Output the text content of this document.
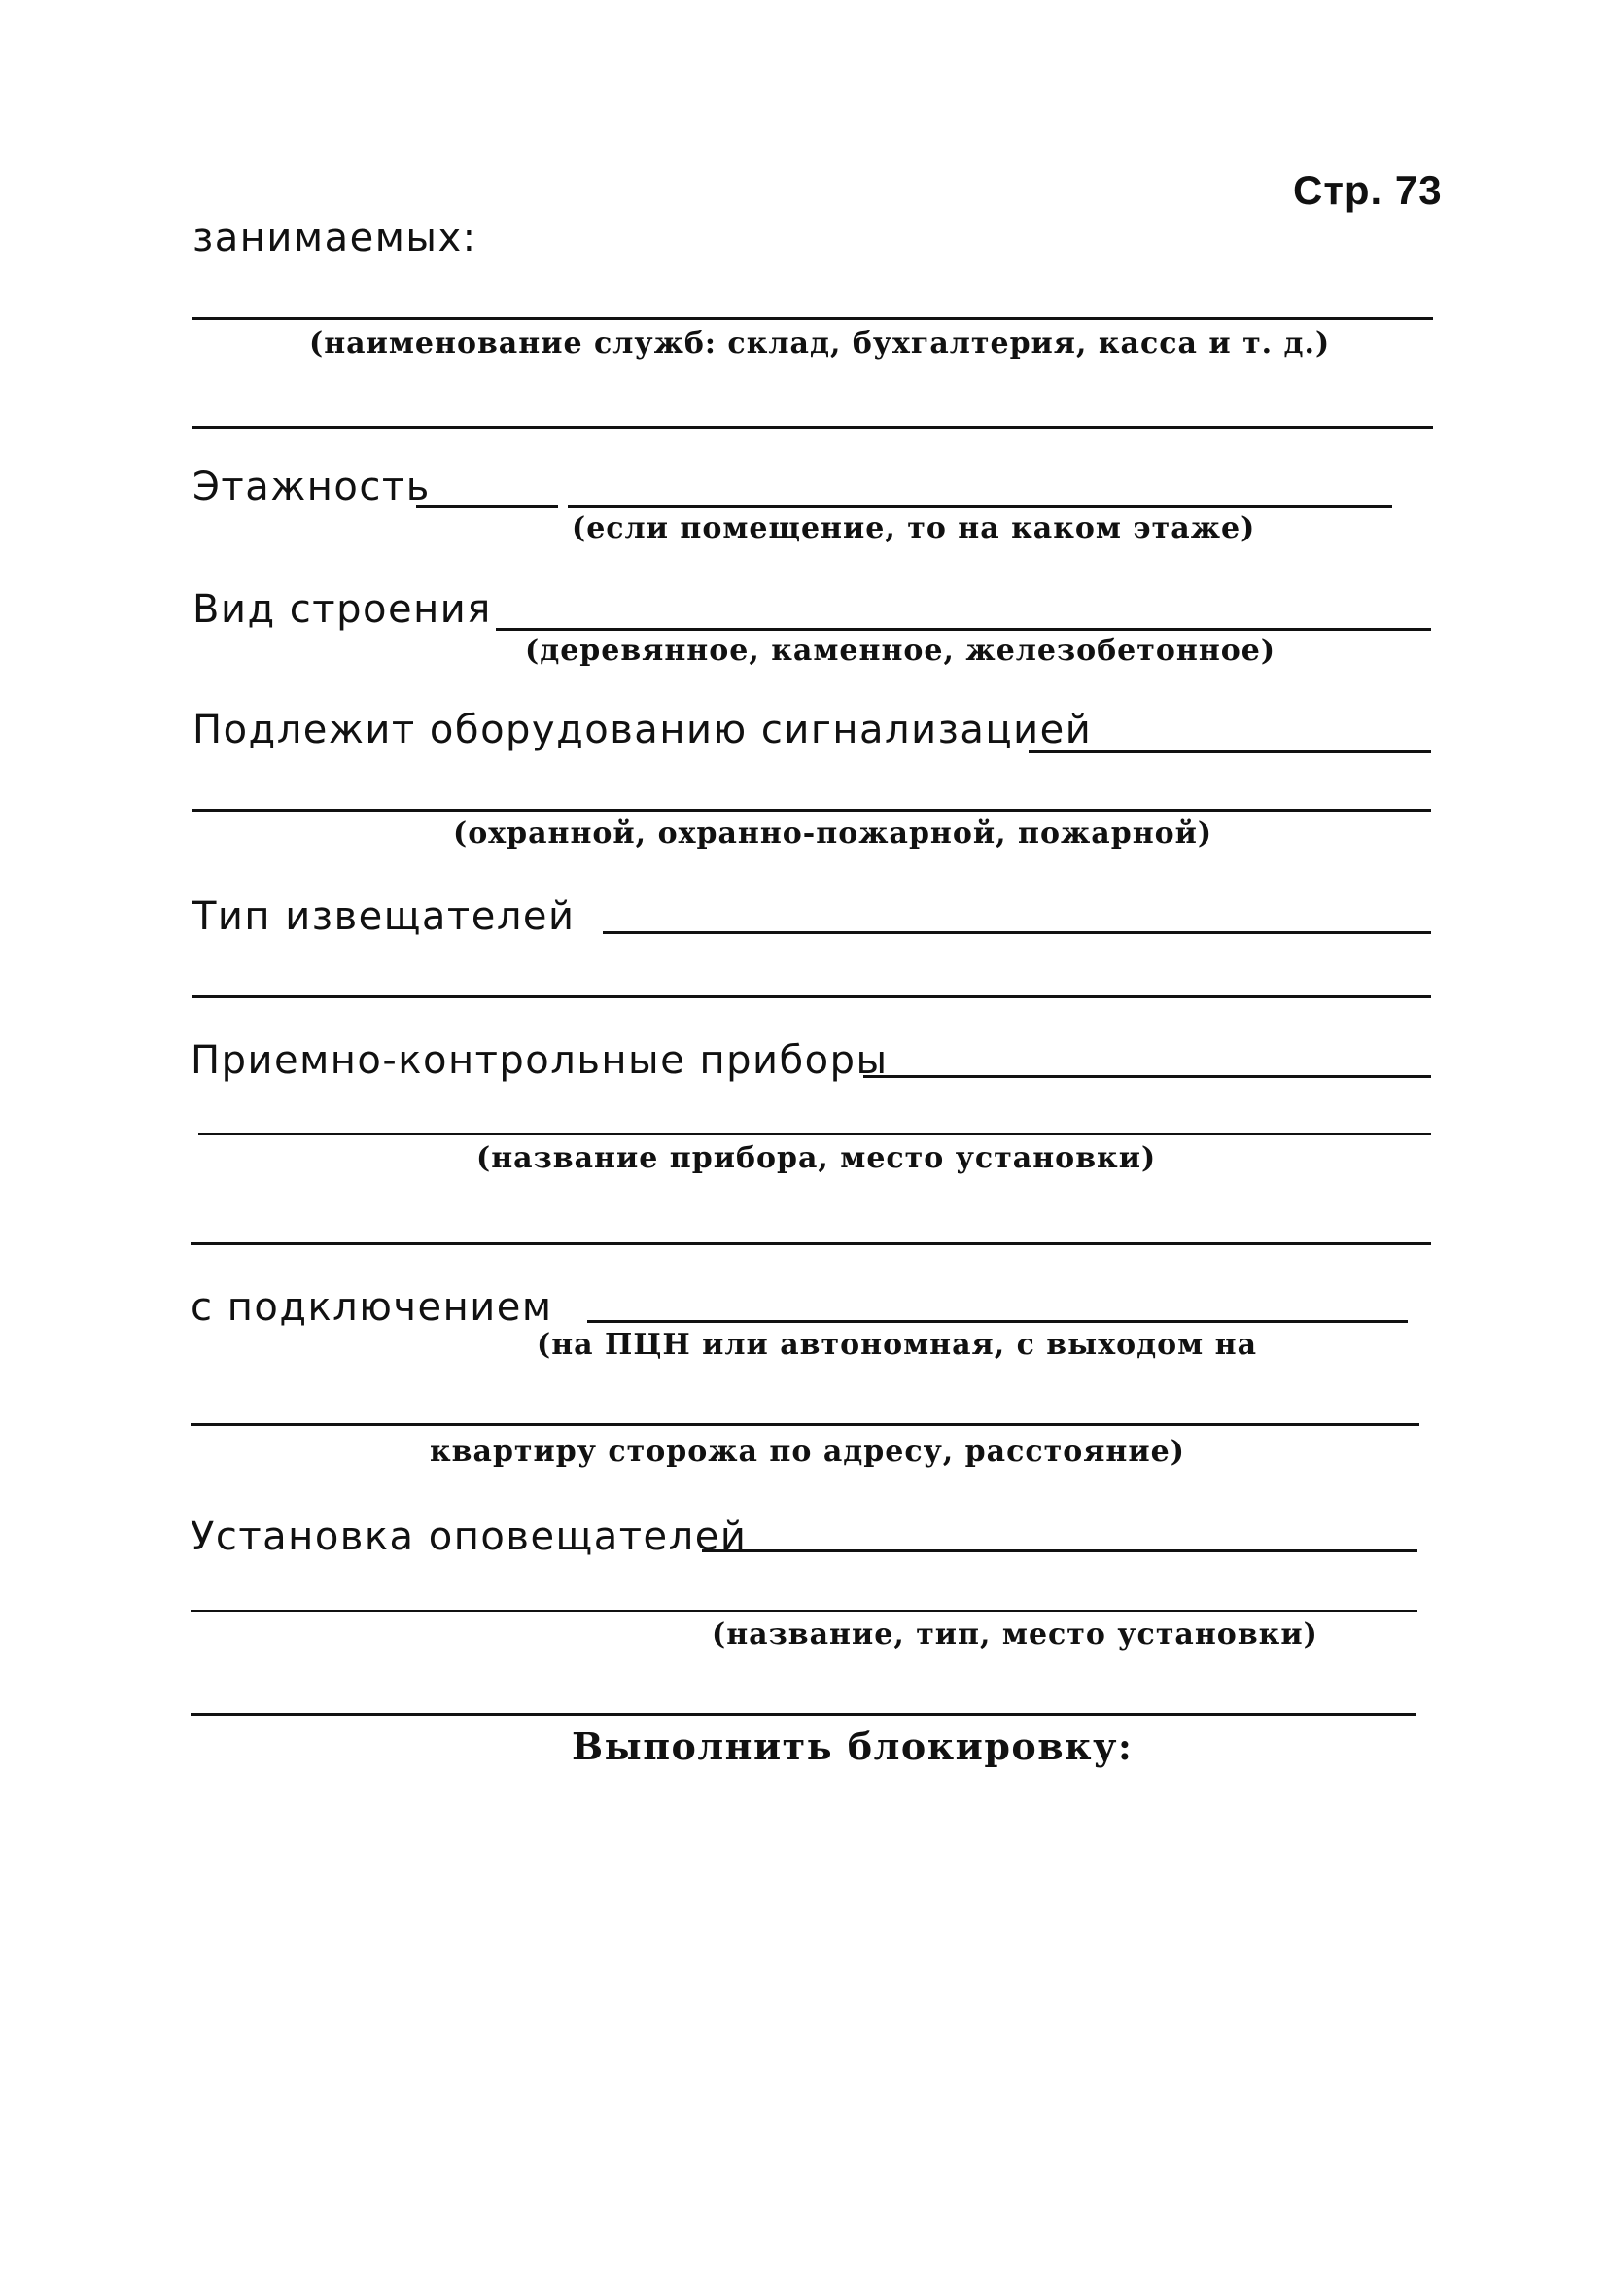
Стр. 73
занимаемых:
(наименование служб: склад, бухгалтерия, касса и т. д.)
Этажность
(если помещение, то на каком этаже)
Вид строения
(деревянное, каменное, железобетонное)
Подлежит оборудованию сигнализацией
(охранной, охранно-пожарной, пожарной)
Тип извещателей
Приемно-контрольные приборы
(название прибора, место установки)
с подключением
(на ПЦН или автономная, с выходом на
квартиру сторожа по адресу, расстояние)
Установка оповещателей
(название, тип, место установки)
Выполнить блокировку:
